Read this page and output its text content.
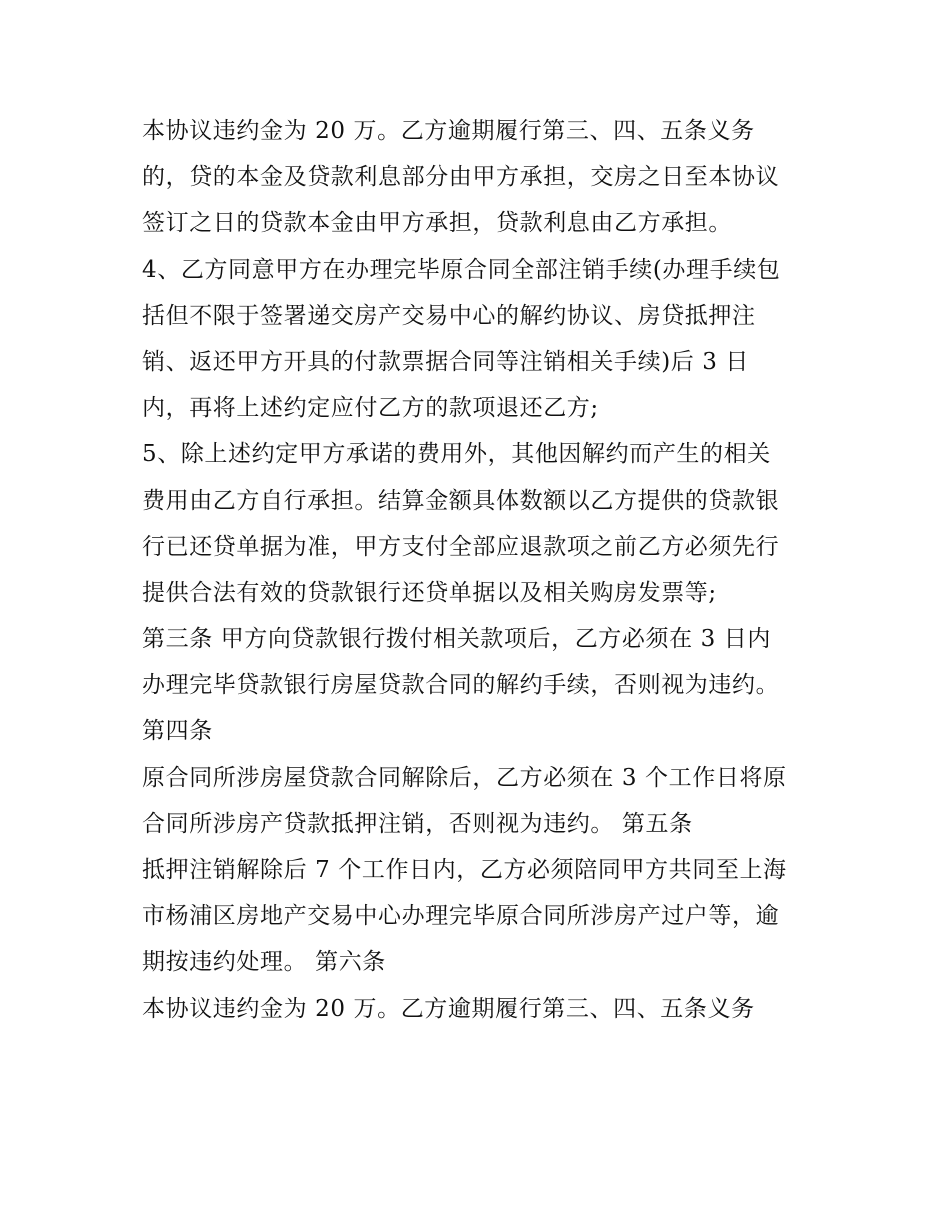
本协议违约金为 20 万。乙方逾期履行第三、四、五条义务
的，贷的本金及贷款利息部分由甲方承担，交房之日至本协议
签订之日的贷款本金由甲方承担，贷款利息由乙方承担。
4、乙方同意甲方在办理完毕原合同全部注销手续(办理手续包
括但不限于签署递交房产交易中心的解约协议、房贷抵押注
销、返还甲方开具的付款票据合同等注销相关手续)后 3 日
内，再将上述约定应付乙方的款项退还乙方;
5、除上述约定甲方承诺的费用外，其他因解约而产生的相关
费用由乙方自行承担。结算金额具体数额以乙方提供的贷款银
行已还贷单据为准，甲方支付全部应退款项之前乙方必须先行
提供合法有效的贷款银行还贷单据以及相关购房发票等;
第三条 甲方向贷款银行拨付相关款项后，乙方必须在 3 日内
办理完毕贷款银行房屋贷款合同的解约手续，否则视为违约。
第四条
原合同所涉房屋贷款合同解除后，乙方必须在 3 个工作日将原
合同所涉房产贷款抵押注销，否则视为违约。 第五条
抵押注销解除后 7 个工作日内，乙方必须陪同甲方共同至上海
市杨浦区房地产交易中心办理完毕原合同所涉房产过户等，逾
期按违约处理。 第六条
本协议违约金为 20 万。乙方逾期履行第三、四、五条义务
